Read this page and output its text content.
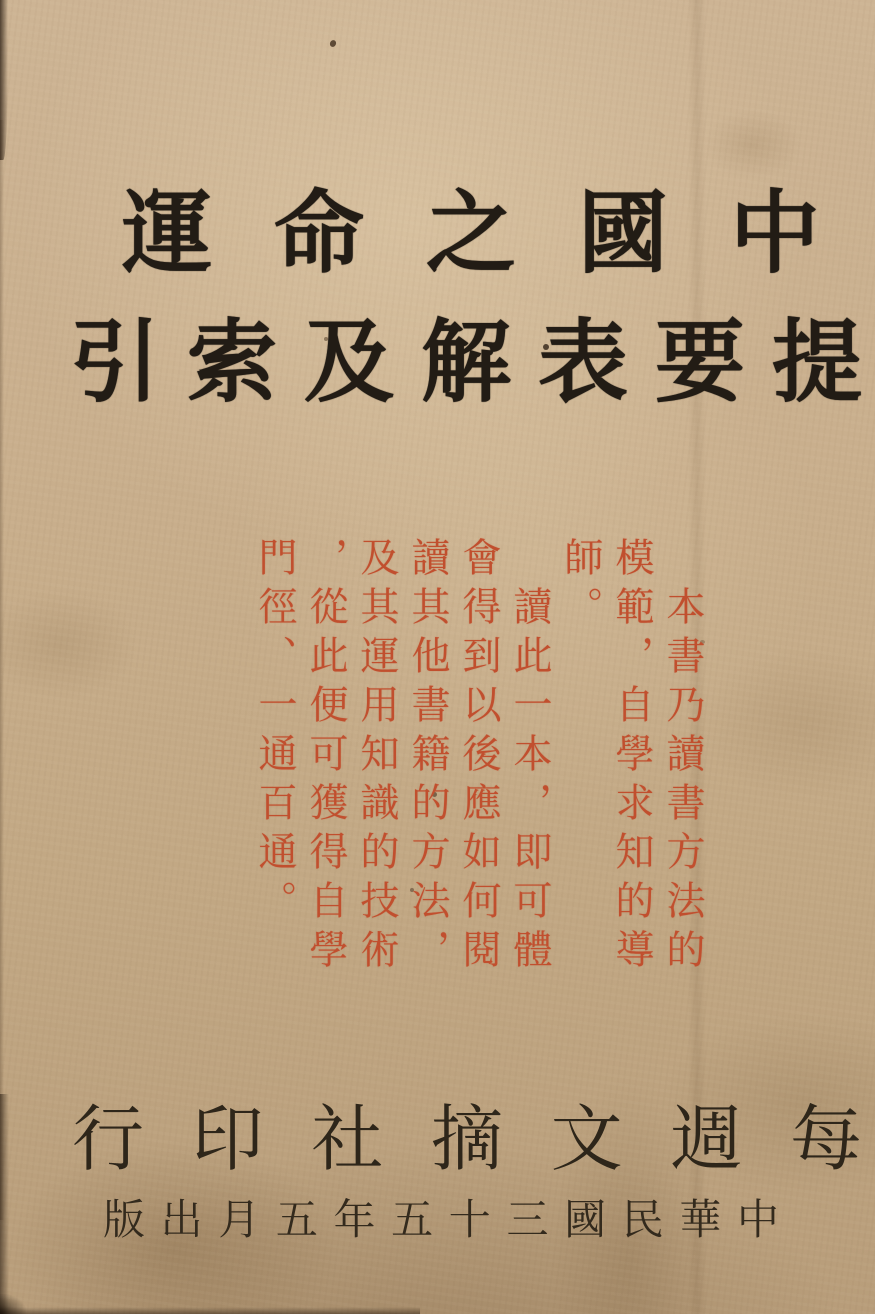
運命之國中
引索及解表要提
本書乃讀書方法的
模範，自學求知的導
師。
讀此一本，即可體
會得到以後應如何閱
讀其他書籍的方法，
及其運用知識的技術
，從此便可獲得自學
門徑、一通百通。
行印社摘文週每
版出月五年五十三國民華中
